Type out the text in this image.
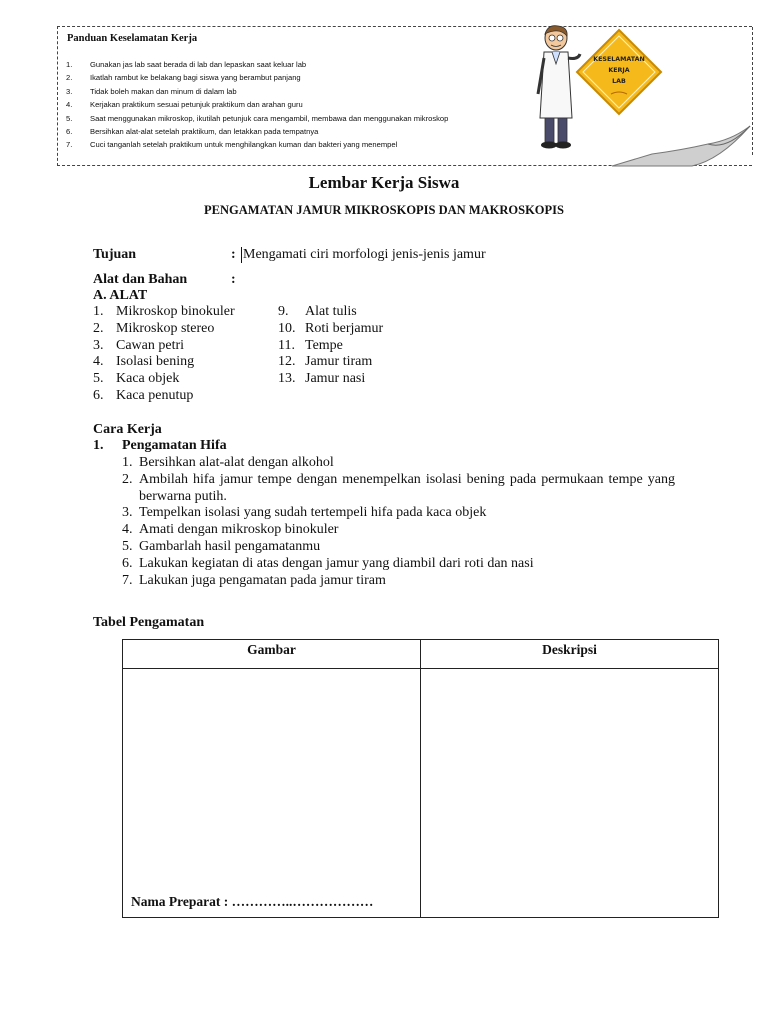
Panduan Keselamatan Kerja
1. Gunakan jas lab saat berada di lab dan lepaskan saat keluar lab
2. Ikatlah rambut ke belakang bagi siswa yang berambut panjang
3. Tidak boleh makan dan minum di dalam lab
4. Kerjakan praktikum sesuai petunjuk praktikum dan arahan guru
5. Saat menggunakan mikroskop, ikutilah petunjuk cara mengambil, membawa dan menggunakan mikroskop
6. Bersihkan alat-alat setelah praktikum, dan letakkan pada tempatnya
7. Cuci tanganlah setelah praktikum untuk menghilangkan kuman dan bakteri yang menempel
KESELAMATAN
KERJA
LAB
Lembar Kerja Siswa
PENGAMATAN JAMUR MIKROSKOPIS DAN MAKROSKOPIS
Tujuan	: Mengamati ciri morfologi jenis-jenis jamur
Alat dan Bahan	:
A. ALAT
1. Mikroskop binokuler
2. Mikroskop stereo
3. Cawan petri
4. Isolasi bening
5. Kaca objek
6. Kaca penutup
9. Alat tulis
10. Roti berjamur
11. Tempe
12. Jamur tiram
13. Jamur nasi
Cara Kerja
1. Pengamatan Hifa
1. Bersihkan alat-alat dengan alkohol
2. Ambilah hifa jamur tempe dengan menempelkan isolasi bening pada permukaan tempe yang berwarna putih.
3. Tempelkan isolasi yang sudah tertempeli hifa pada kaca objek
4. Amati dengan mikroskop binokuler
5. Gambarlah hasil pengamatanmu
6. Lakukan kegiatan di atas dengan jamur yang diambil dari roti dan nasi
7. Lakukan juga pengamatan pada jamur tiram
Tabel Pengamatan
Gambar	Deskripsi

Nama Preparat : …………..………………	
